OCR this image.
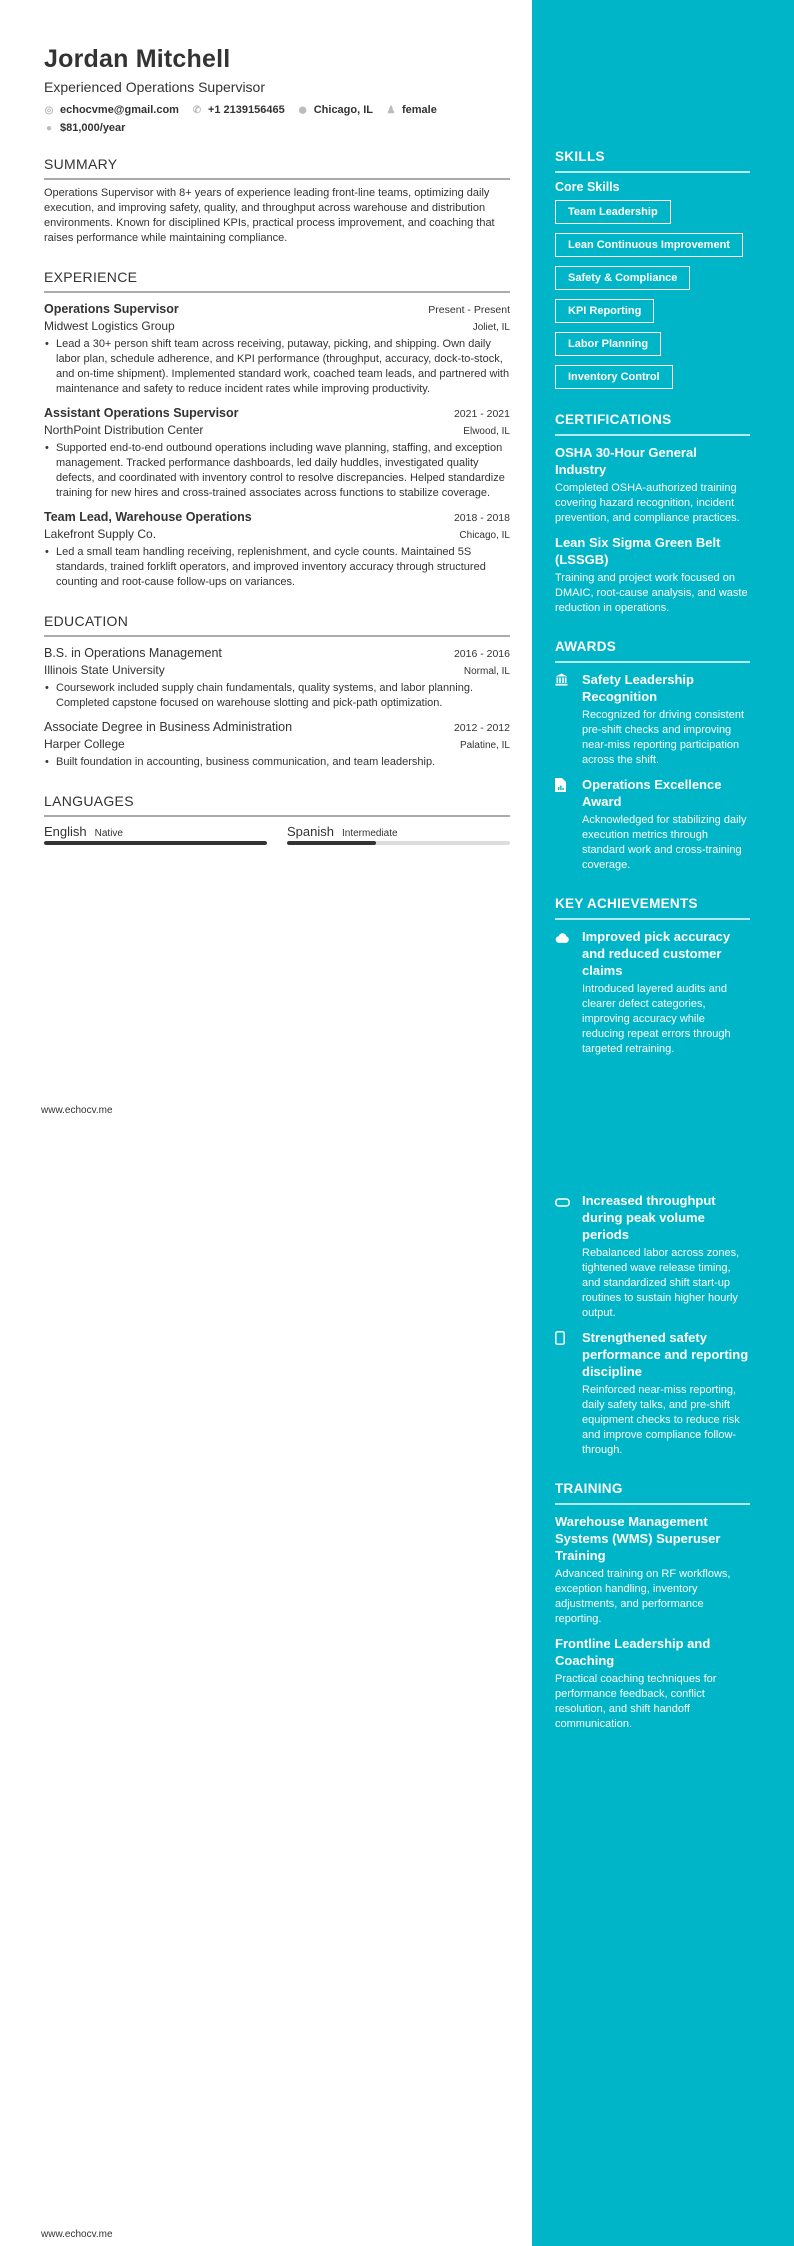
Jordan Mitchell
Experienced Operations Supervisor
◎ echocvme@gmail.com ✆ +1 2139156465 ⬤ Chicago, IL ♟ female
● $81,000/year
SUMMARY
Operations Supervisor with 8+ years of experience leading front-line teams, optimizing daily execution, and improving safety, quality, and throughput across warehouse and distribution environments. Known for disciplined KPIs, practical process improvement, and coaching that raises performance while maintaining compliance.
EXPERIENCE
Operations Supervisor	Present - Present
Midwest Logistics Group	Joliet, IL
• Lead a 30+ person shift team across receiving, putaway, picking, and shipping. Own daily labor plan, schedule adherence, and KPI performance (throughput, accuracy, dock-to-stock, and on-time shipment). Implemented standard work, coached team leads, and partnered with maintenance and safety to reduce incident rates while improving productivity.
Assistant Operations Supervisor	2021 - 2021
NorthPoint Distribution Center	Elwood, IL
• Supported end-to-end outbound operations including wave planning, staffing, and exception management. Tracked performance dashboards, led daily huddles, investigated quality defects, and coordinated with inventory control to resolve discrepancies. Helped standardize training for new hires and cross-trained associates across functions to stabilize coverage.
Team Lead, Warehouse Operations	2018 - 2018
Lakefront Supply Co.	Chicago, IL
• Led a small team handling receiving, replenishment, and cycle counts. Maintained 5S standards, trained forklift operators, and improved inventory accuracy through structured counting and root-cause follow-ups on variances.
EDUCATION
B.S. in Operations Management	2016 - 2016
Illinois State University	Normal, IL
• Coursework included supply chain fundamentals, quality systems, and labor planning. Completed capstone focused on warehouse slotting and pick-path optimization.
Associate Degree in Business Administration	2012 - 2012
Harper College	Palatine, IL
• Built foundation in accounting, business communication, and team leadership.
LANGUAGES
English Native	Spanish Intermediate
www.echocv.me
www.echocv.me
SKILLS
Core Skills
Team Leadership
Lean Continuous Improvement
Safety & Compliance
KPI Reporting
Labor Planning
Inventory Control
CERTIFICATIONS
OSHA 30-Hour General Industry
Completed OSHA-authorized training covering hazard recognition, incident prevention, and compliance practices.
Lean Six Sigma Green Belt (LSSGB)
Training and project work focused on DMAIC, root-cause analysis, and waste reduction in operations.
AWARDS
Safety Leadership Recognition
Recognized for driving consistent pre-shift checks and improving near-miss reporting participation across the shift.
Operations Excellence Award
Acknowledged for stabilizing daily execution metrics through standard work and cross-training coverage.
KEY ACHIEVEMENTS
Improved pick accuracy and reduced customer claims
Introduced layered audits and clearer defect categories, improving accuracy while reducing repeat errors through targeted retraining.
Increased throughput during peak volume periods
Rebalanced labor across zones, tightened wave release timing, and standardized shift start-up routines to sustain higher hourly output.
Strengthened safety performance and reporting discipline
Reinforced near-miss reporting, daily safety talks, and pre-shift equipment checks to reduce risk and improve compliance follow-through.
TRAINING
Warehouse Management Systems (WMS) Superuser Training
Advanced training on RF workflows, exception handling, inventory adjustments, and performance reporting.
Frontline Leadership and Coaching
Practical coaching techniques for performance feedback, conflict resolution, and shift handoff communication.
